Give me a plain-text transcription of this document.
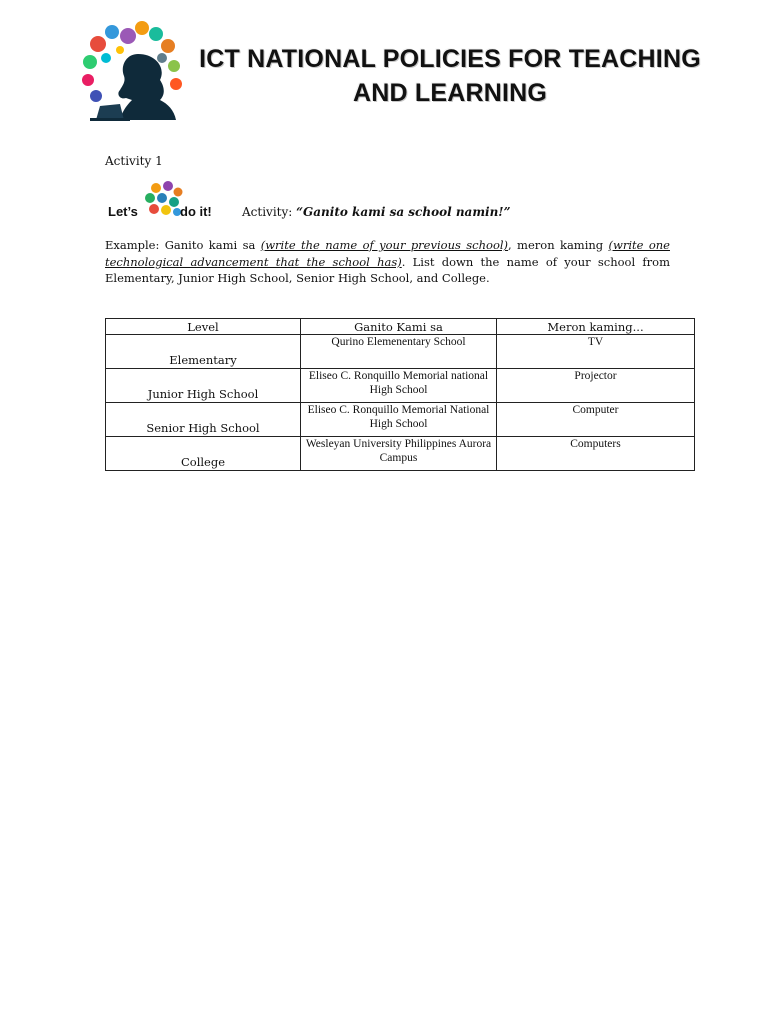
ICT NATIONAL POLICIES FOR TEACHING AND LEARNING
Activity 1
Let’s	do it!	Activity: “Ganito kami sa school namin!”
Example: Ganito kami sa (write the name of your previous school), meron kaming (write one technological advancement that the school has). List down the name of your school from Elementary, Junior High School, Senior High School, and College.
Level	Ganito Kami sa	Meron kaming...
Elementary	Qurino Elemenentary School	TV
Junior High School	Eliseo C. Ronquillo Memorial national High School	Projector
Senior High School	Eliseo C. Ronquillo Memorial National High School	Computer
College	Wesleyan University Philippines Aurora Campus	Computers
